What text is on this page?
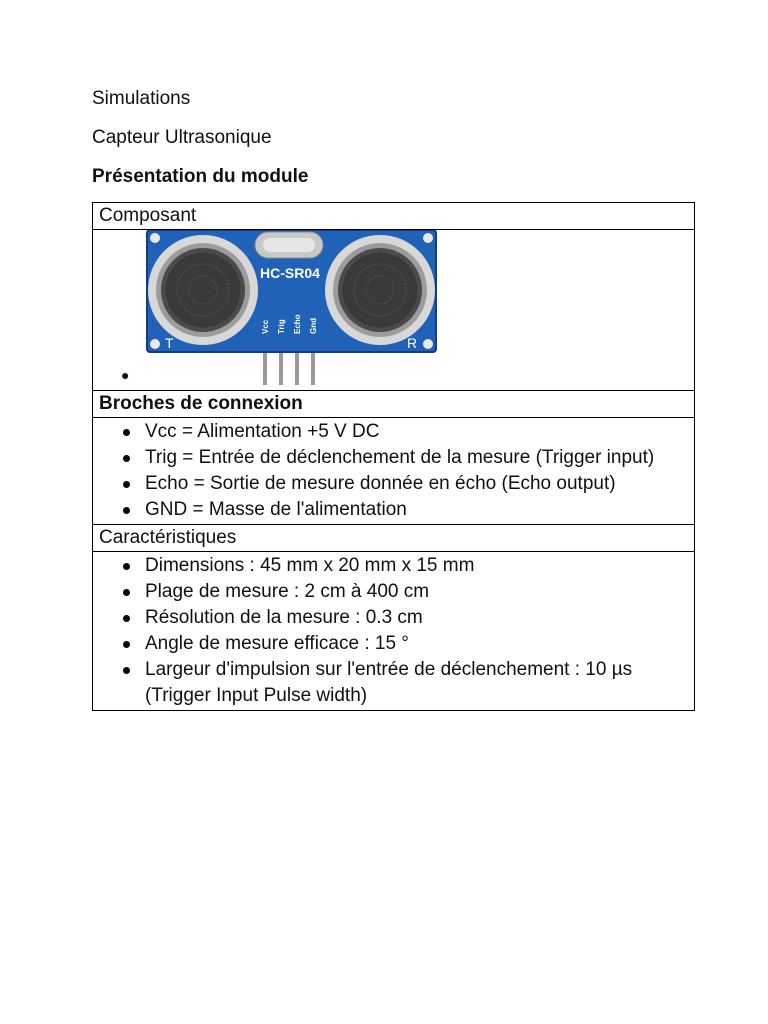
Simulations
Capteur Ultrasonique
Présentation du module
Composant

HC-SR04
T	R
Vcc Trig Echo Gnd
●

Broches de connexion

Vcc = Alimentation +5 V DC
Trig = Entrée de déclenchement de la mesure (Trigger input)
Echo = Sortie de mesure donnée en écho (Echo output)
GND = Masse de l'alimentation

Caractéristiques

Dimensions : 45 mm x 20 mm x 15 mm
Plage de mesure : 2 cm à 400 cm
Résolution de la mesure : 0.3 cm
Angle de mesure efficace : 15 °
Largeur d'impulsion sur l'entrée de déclenchement : 10 µs (Trigger Input Pulse width)
